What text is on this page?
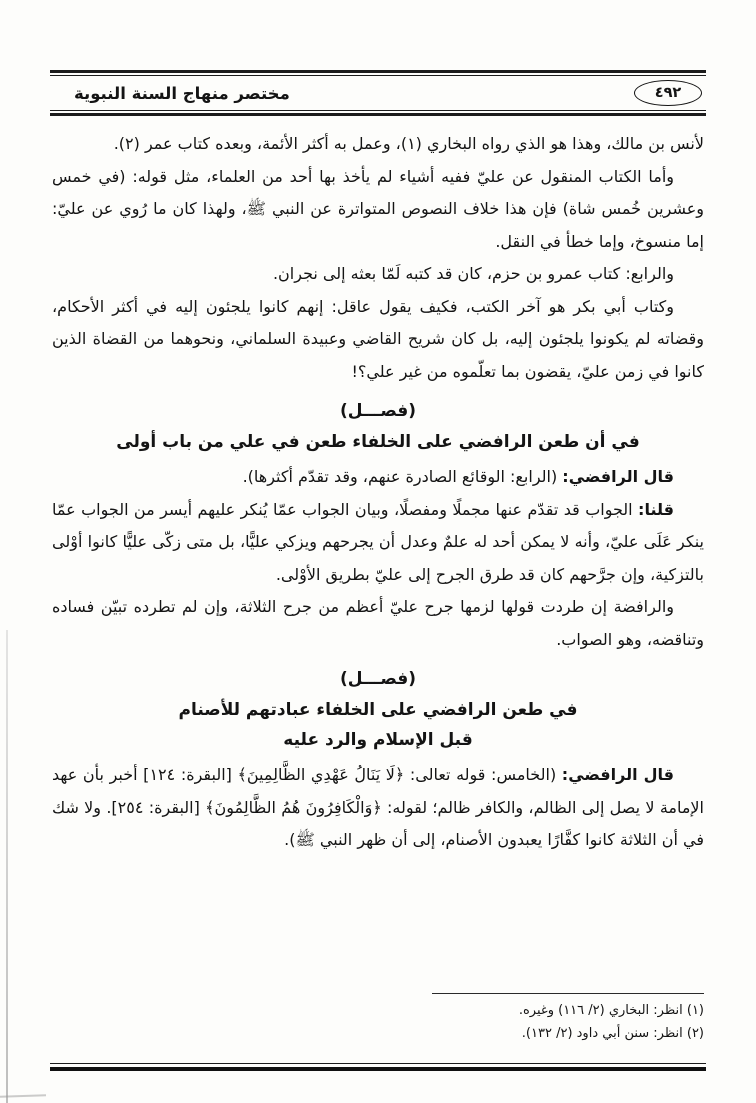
٤٩٢
مختصر منهاج السنة النبوية

لأنس بن مالك، وهذا هو الذي رواه البخاري (١)، وعمل به أكثر الأئمة، وبعده كتاب عمر (٢).

وأما الكتاب المنقول عن عليّ ففيه أشياء لم يأخذ بها أحد من العلماء، مثل قوله: (في خمس وعشرين خُمس شاة) فإن هذا خلاف النصوص المتواترة عن النبي ﷺ، ولهذا كان ما رُوي عن عليّ: إما منسوخ، وإما خطأ في النقل.

والرابع: كتاب عمرو بن حزم، كان قد كتبه لَمّا بعثه إلى نجران.

وكتاب أبي بكر هو آخر الكتب، فكيف يقول عاقل: إنهم كانوا يلجئون إليه في أكثر الأحكام، وقضاته لم يكونوا يلجئون إليه، بل كان شريح القاضي وعبيدة السلماني، ونحوهما من القضاة الذين كانوا في زمن عليّ، يقضون بما تعلّموه من غير علي؟!

(فصـــل)
في أن طعن الرافضي على الخلفاء طعن في علي من باب أولى

قال الرافضي: (الرابع: الوقائع الصادرة عنهم، وقد تقدّم أكثرها).

قلنا: الجواب قد تقدّم عنها مجملًا ومفصلًا، وبيان الجواب عمّا يُنكر عليهم أيسر من الجواب عمّا ينكر عَلَى عليّ، وأنه لا يمكن أحد له علمٌ وعدل أن يجرحهم ويزكي عليًّا، بل متى زكّى عليًّا كانوا أوْلى بالتزكية، وإن جرَّحهم كان قد طرق الجرح إلى عليّ بطريق الأوْلى.

والرافضة إن طردت قولها لزمها جرح عليّ أعظم من جرح الثلاثة، وإن لم تطرده تبيّن فساده وتناقضه، وهو الصواب.

(فصـــل)
في طعن الرافضي على الخلفاء عبادتهم للأصنام
قبل الإسلام والرد عليه

قال الرافضي: (الخامس: قوله تعالى: ﴿لَا يَنَالُ عَهْدِي الظَّالِمِينَ﴾ [البقرة: ١٢٤] أخبر بأن عهد الإمامة لا يصل إلى الظالم، والكافر ظالم؛ لقوله: ﴿وَالْكَافِرُونَ هُمُ الظَّالِمُونَ﴾ [البقرة: ٢٥٤]. ولا شك في أن الثلاثة كانوا كفَّارًا يعبدون الأصنام، إلى أن ظهر النبي ﷺ).

(١) انظر: البخاري (٢/ ١١٦) وغيره.
(٢) انظر: سنن أبي داود (٢/ ١٣٢).
